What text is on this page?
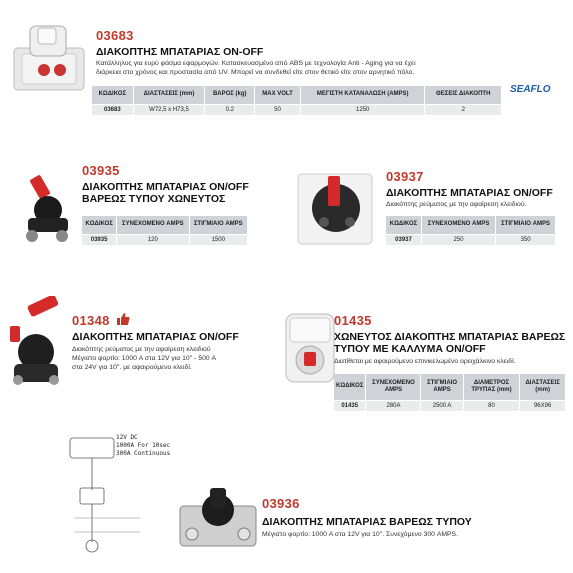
03683
ΔΙΑΚΟΠΤΗΣ ΜΠΑΤΑΡΙΑΣ ON-OFF
Κατάλληλος για ευρύ φάσμα εφαρμογών. Κατασκευασμένο από ABS με τεχνολογία Anti - Aging για να έχει
διάρκεια στο χρόνος και προστασία από UV. Μπορεί να συνδεθεί είτε στον θετικό είτε στον αρνητικό πόλο.
ΚΩΔΙΚΟΣ	ΔΙΑΣΤΑΣΕΙΣ (mm)	ΒΑΡΟΣ (kg)	MAX VOLT	ΜΕΓΙΣΤΗ ΚΑΤΑΝΑΛΩΣΗ (AMPS)	ΘΕΣΕΙΣ ΔΙΑΚΟΠΤΗ
03683	W72,5 x H73,5	0.2	50	1250	2
SEAFLO
03935
ΔΙΑΚΟΠΤΗΣ ΜΠΑΤΑΡΙΑΣ ON/OFF
ΒΑΡΕΩΣ ΤΥΠΟΥ ΧΩΝΕΥΤΟΣ
ΚΩΔΙΚΟΣ	ΣΥΝΕΧΟΜΕΝΟ AMPS	ΣΤΙΓΜΙΑΙΟ AMPS
03935	120	1500
03937
ΔΙΑΚΟΠΤΗΣ ΜΠΑΤΑΡΙΑΣ ON/OFF
Διακόπτης ρεύματος με την αφαίρεση κλειδιού.
ΚΩΔΙΚΟΣ	ΣΥΝΕΧΟΜΕΝΟ AMPS	ΣΤΙΓΜΙΑΙΟ AMPS
03937	250	350
01348
ΔΙΑΚΟΠΤΗΣ ΜΠΑΤΑΡΙΑΣ ON/OFF
Διακόπτης ρεύματος με την αφαίρεση κλειδιού
Μέγιστο φορτίο: 1000 A στα 12V για 10'' - 500 A
στα 24V για 10''. με αφαιρούμενο κλειδί.
01435
ΧΩΝΕΥΤΟΣ ΔΙΑΚΟΠΤΗΣ ΜΠΑΤΑΡΙΑΣ ΒΑΡΕΩΣ
ΤΥΠΟΥ ΜΕ ΚΑΛΛΥΜΑ ON/OFF
Διατίθεται με αφαιρούμενο επινικελωμένο ορειχάλκινο κλειδί.
ΚΩΔΙΚΟΣ	ΣΥΝΕΧΟΜΕΝΟ AMPS	ΣΤΙΓΜΙΑΙΟ AMPS	ΔΙΑΜΕΤΡΟΣ ΤΡΥΠΑΣ (mm)	ΔΙΑΣΤΑΣΕΙΣ (mm)
01435	280A	2500 A	80	96X96
12V DC
1000A For 10sec
300A Continuous
03936
ΔΙΑΚΟΠΤΗΣ ΜΠΑΤΑΡΙΑΣ ΒΑΡΕΩΣ ΤΥΠΟΥ
Μέγιστο φορτίο: 1000 A στα 12V για 10''. Συνεχόμενο 300 AMPS.
